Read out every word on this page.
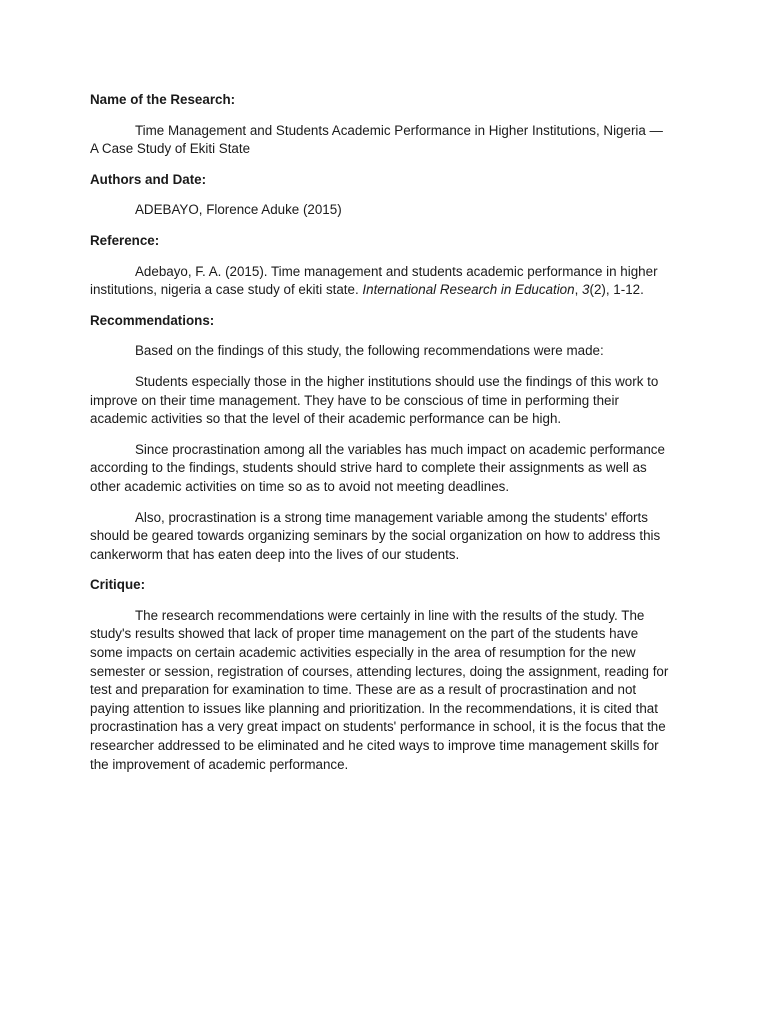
Name of the Research:

Time Management and Students Academic Performance in Higher Institutions, Nigeria — A Case Study of Ekiti State

Authors and Date:

ADEBAYO, Florence Aduke (2015)

Reference:

Adebayo, F. A. (2015). Time management and students academic performance in higher institutions, nigeria a case study of ekiti state. International Research in Education, 3(2), 1-12.

Recommendations:

Based on the findings of this study, the following recommendations were made:

Students especially those in the higher institutions should use the findings of this work to improve on their time management. They have to be conscious of time in performing their academic activities so that the level of their academic performance can be high.

Since procrastination among all the variables has much impact on academic performance according to the findings, students should strive hard to complete their assignments as well as other academic activities on time so as to avoid not meeting deadlines.

Also, procrastination is a strong time management variable among the students' efforts should be geared towards organizing seminars by the social organization on how to address this cankerworm that has eaten deep into the lives of our students.

Critique:

The research recommendations were certainly in line with the results of the study. The study's results showed that lack of proper time management on the part of the students have some impacts on certain academic activities especially in the area of resumption for the new semester or session, registration of courses, attending lectures, doing the assignment, reading for test and preparation for examination to time. These are as a result of procrastination and not paying attention to issues like planning and prioritization. In the recommendations, it is cited that procrastination has a very great impact on students' performance in school, it is the focus that the researcher addressed to be eliminated and he cited ways to improve time management skills for the improvement of academic performance.
